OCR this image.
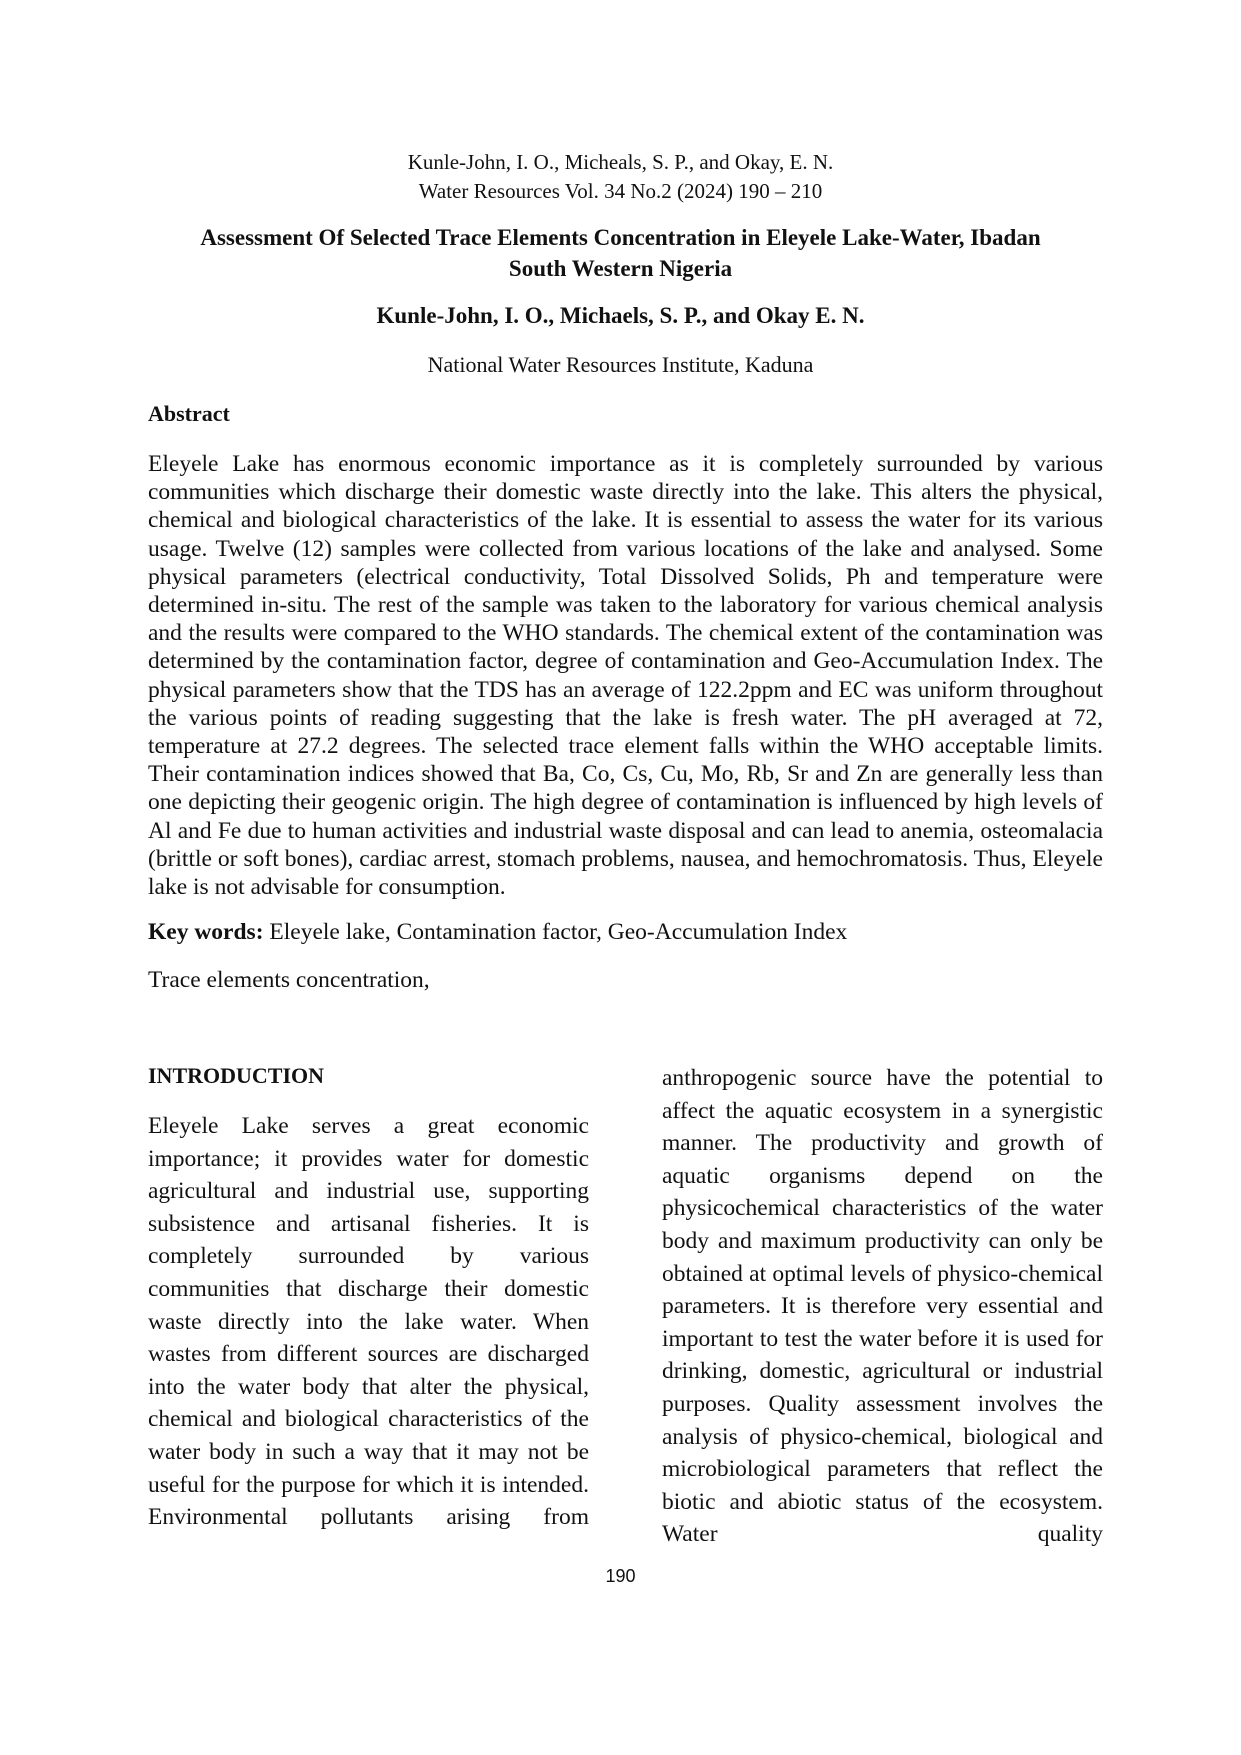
Kunle-John, I. O., Micheals, S. P., and Okay, E. N.
Water Resources Vol. 34 No.2 (2024) 190 – 210
Assessment Of Selected Trace Elements Concentration in Eleyele Lake-Water, Ibadan
South Western Nigeria
Kunle-John, I. O., Michaels, S. P., and Okay E. N.
National Water Resources Institute, Kaduna
Abstract
Eleyele Lake has enormous economic importance as it is completely surrounded by various communities which discharge their domestic waste directly into the lake. This alters the physical, chemical and biological characteristics of the lake. It is essential to assess the water for its various usage. Twelve (12) samples were collected from various locations of the lake and analysed. Some physical parameters (electrical conductivity, Total Dissolved Solids, Ph and temperature were determined in-situ. The rest of the sample was taken to the laboratory for various chemical analysis and the results were compared to the WHO standards. The chemical extent of the contamination was determined by the contamination factor, degree of contamination and Geo-Accumulation Index. The physical parameters show that the TDS has an average of 122.2ppm and EC was uniform throughout the various points of reading suggesting that the lake is fresh water. The pH averaged at 72, temperature at 27.2 degrees. The selected trace element falls within the WHO acceptable limits. Their contamination indices showed that Ba, Co, Cs, Cu, Mo, Rb, Sr and Zn are generally less than one depicting their geogenic origin. The high degree of contamination is influenced by high levels of Al and Fe due to human activities and industrial waste disposal and can lead to anemia, osteomalacia (brittle or soft bones), cardiac arrest, stomach problems, nausea, and hemochromatosis. Thus, Eleyele lake is not advisable for consumption.
Key words: Eleyele lake, Contamination factor, Geo-Accumulation Index
Trace elements concentration,
INTRODUCTION
Eleyele Lake serves a great economic importance; it provides water for domestic agricultural and industrial use, supporting subsistence and artisanal fisheries. It is completely surrounded by various communities that discharge their domestic waste directly into the lake water. When wastes from different sources are discharged into the water body that alter the physical, chemical and biological characteristics of the water body in such a way that it may not be useful for the purpose for which it is intended. Environmental pollutants arising from
anthropogenic source have the potential to affect the aquatic ecosystem in a synergistic manner. The productivity and growth of aquatic organisms depend on the physicochemical characteristics of the water body and maximum productivity can only be obtained at optimal levels of physico-chemical parameters. It is therefore very essential and important to test the water before it is used for drinking, domestic, agricultural or industrial purposes. Quality assessment involves the analysis of physico-chemical, biological and microbiological parameters that reflect the biotic and abiotic status of the ecosystem. Water quality
190
